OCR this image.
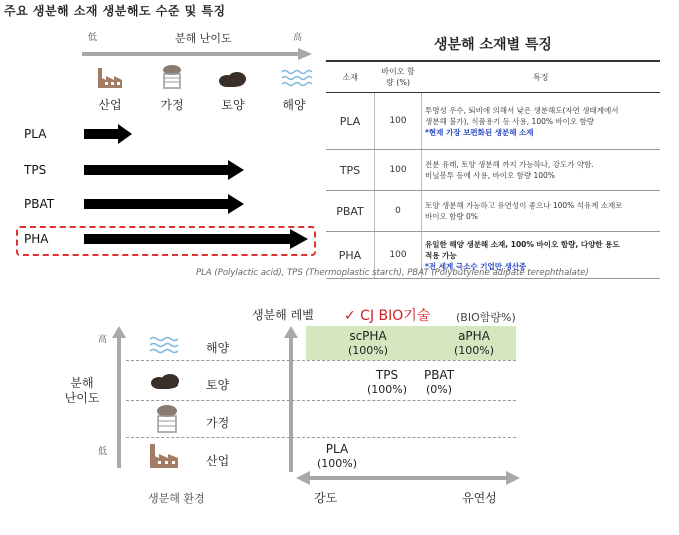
주요 생분해 소재 생분해도 수준 및 특징
低	분해 난이도	高
산업	가정	토양	해양
PLA
TPS
PBAT
PHA
생분해 소재별 특징
소재	바이오 함량 (%)	특징
PLA	100	투명성 우수, 퇴비에 의해서 낮은 생분해도(자연 생태계에서
생분해 불가), 식품용기 등 사용, 100% 바이오 함량
*현재 가장 보편화된 생분해 소재

TPS	100	전분 유래, 토양 생분해 까지 가능하나, 강도가 약함.
비닐봉투 등에 사용, 바이오 함량 100%

PBAT	0	토양 생분해 가능하고 유연성이 좋으나 100% 석유계 소재로
바이오 함량 0%

PHA	100	유일한 해양 생분해 소재, 100% 바이오 함량, 다양한 용도
적용 가능
*전 세계 극소수 기업만 생산중
PLA (Polylactic acid), TPS (Thermoplastic starch), PBAT (Polybutylene adipate terephthalate)
高
低
분해
난이도
해양
토양
가정
산업
생분해 환경
생분해 레벨 ✓ CJ BIO기술 (BIO함량%)
scPHA
(100%)
aPHA
(100%)
TPS
(100%)
PBAT
(0%)
PLA
(100%)
강도	유연성
